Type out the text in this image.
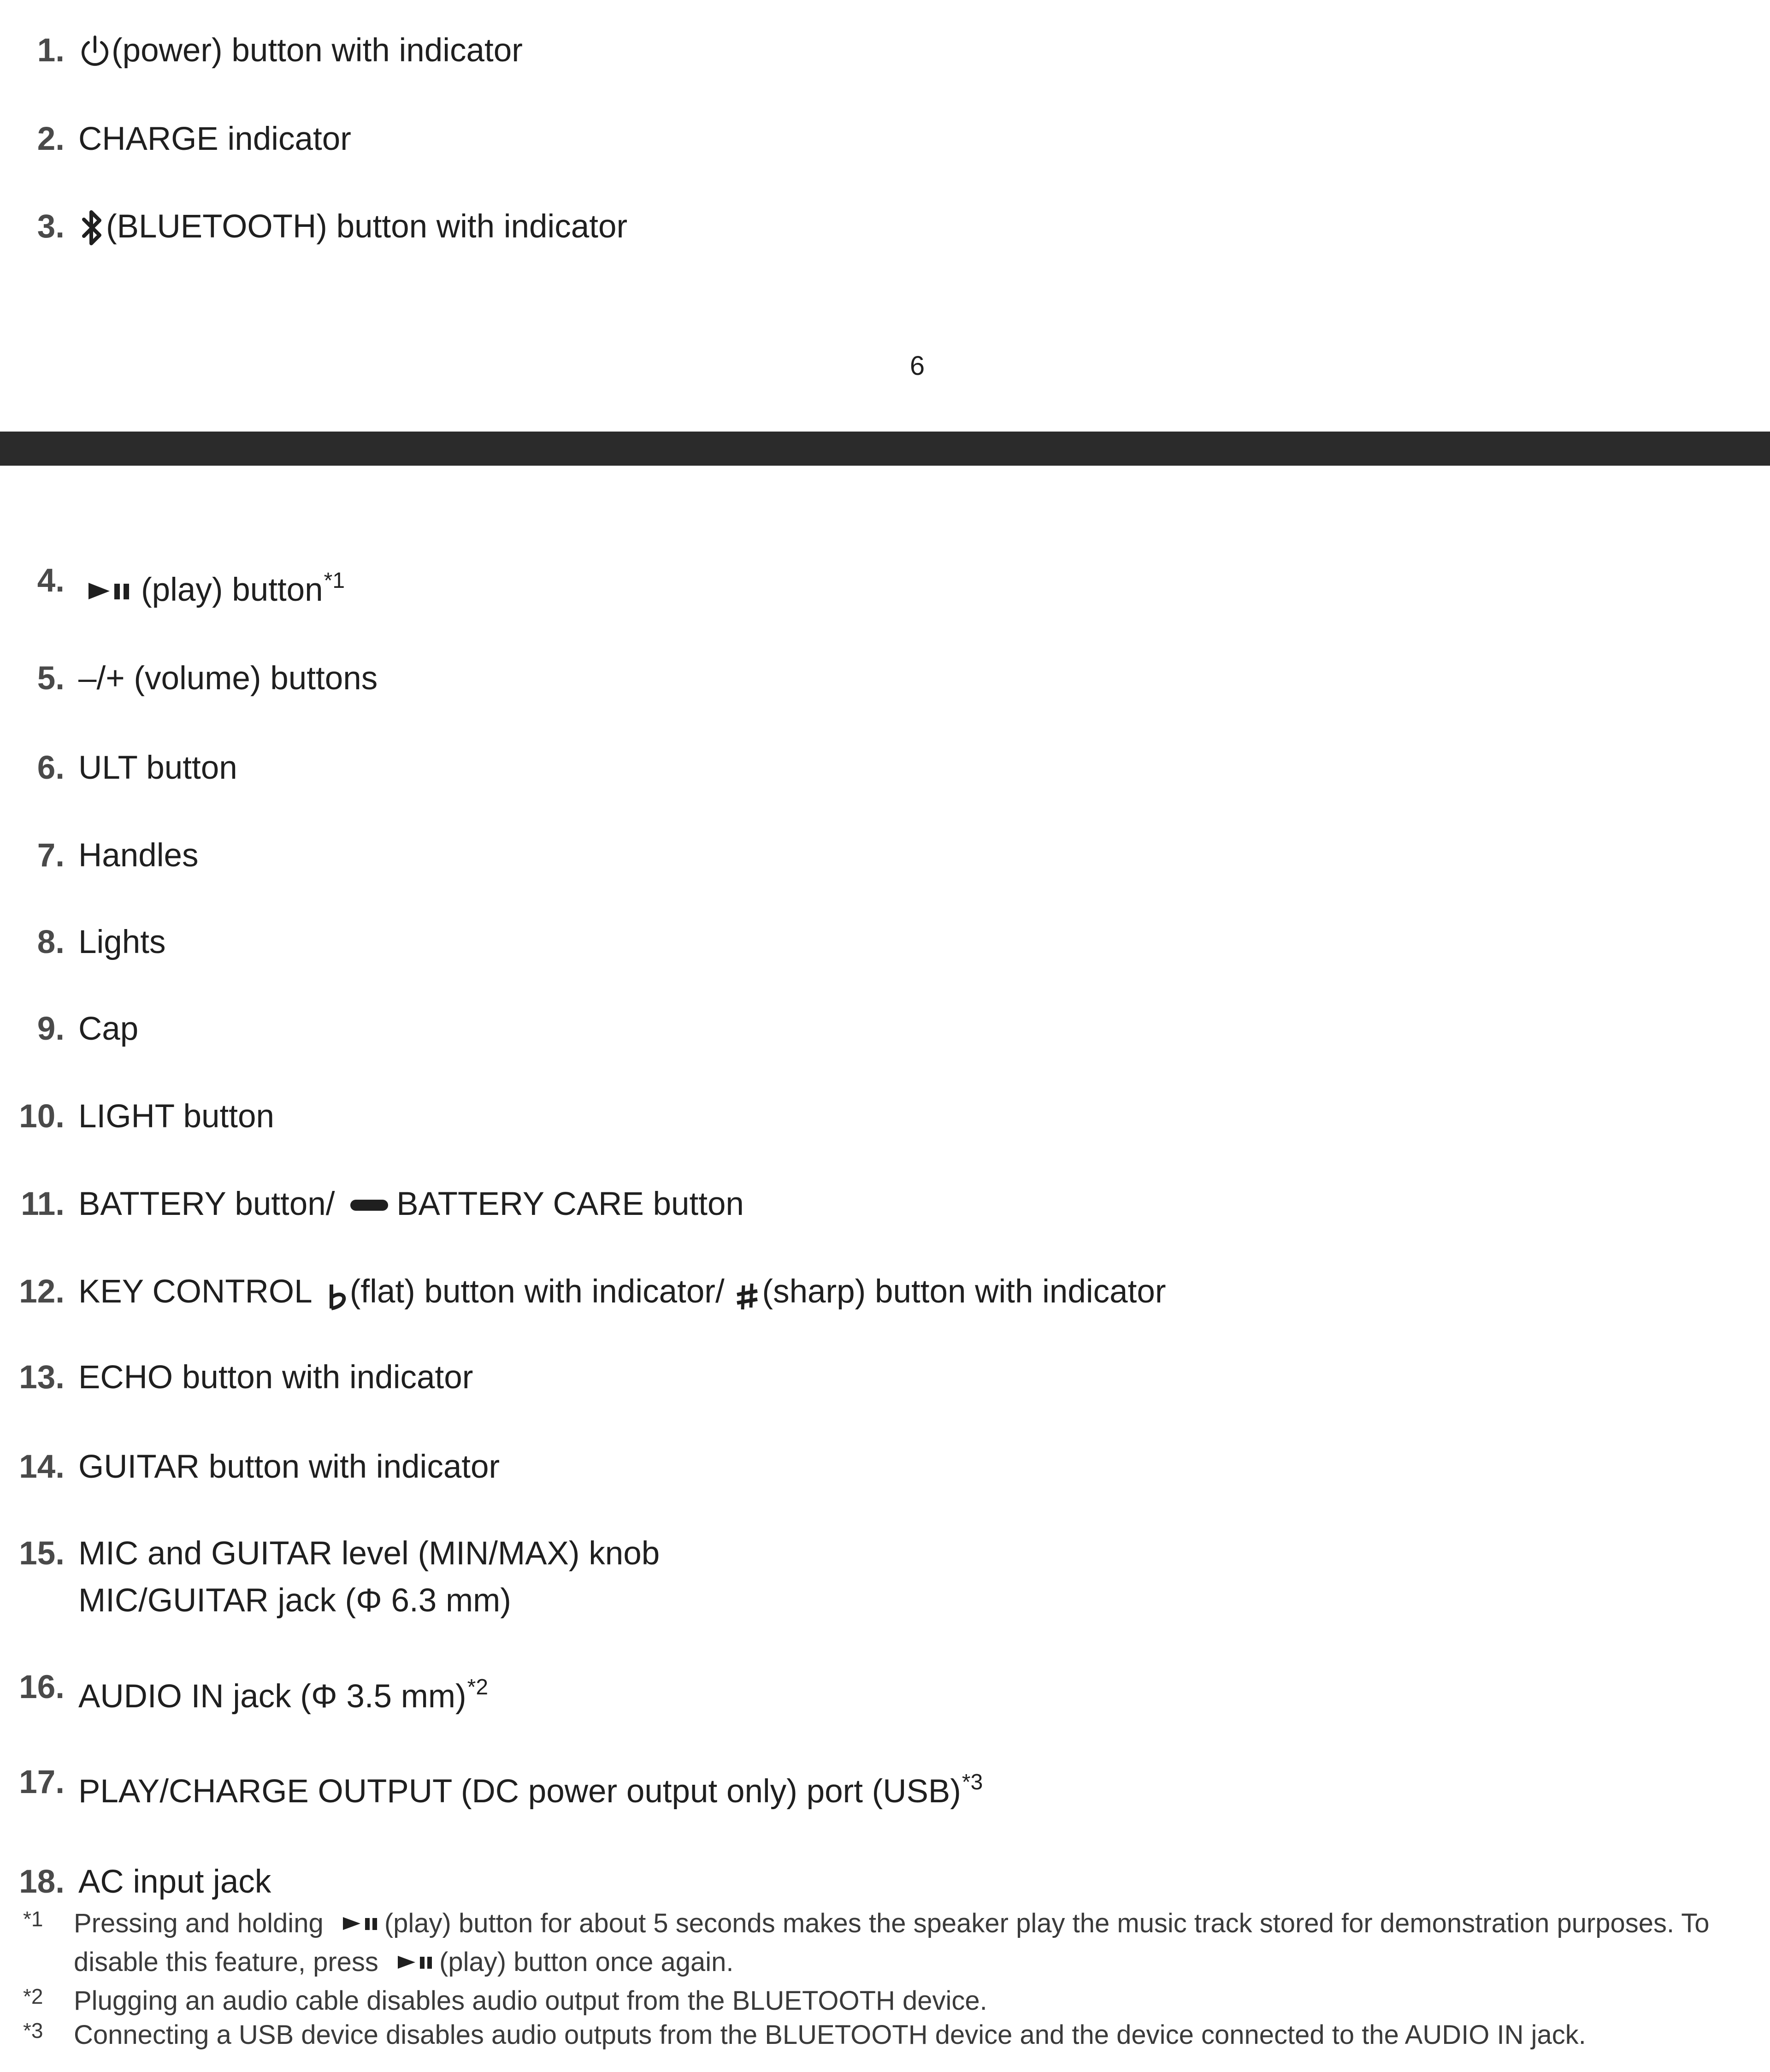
1.	(power) button with indicator
2. CHARGE indicator
3.	(BLUETOOTH) button with indicator
6
4.	(play) button$^{*1}$
5. –/+ (volume) buttons
6. ULT button
7. Handles
8. Lights
9. Cap
10. LIGHT button
11. BATTERY button/ BATTERY CARE button
12. KEY CONTROL (flat) button with indicator/ (sharp) button with indicator
13. ECHO button with indicator
14. GUITAR button with indicator
15. MIC and GUITAR level (MIN/MAX) knob
MIC/GUITAR jack (Φ 6.3 mm)
16. AUDIO IN jack (Φ 3.5 mm)$^{*2}$
17. PLAY/CHARGE OUTPUT (DC power output only) port (USB)$^{*3}$
18. AC input jack
*1 Pressing and holding (play) button for about 5 seconds makes the speaker play the music track stored for demonstration purposes. To
disable this feature, press (play) button once again.
*2 Plugging an audio cable disables audio output from the BLUETOOTH device.
*3 Connecting a USB device disables audio outputs from the BLUETOOTH device and the device connected to the AUDIO IN jack.
